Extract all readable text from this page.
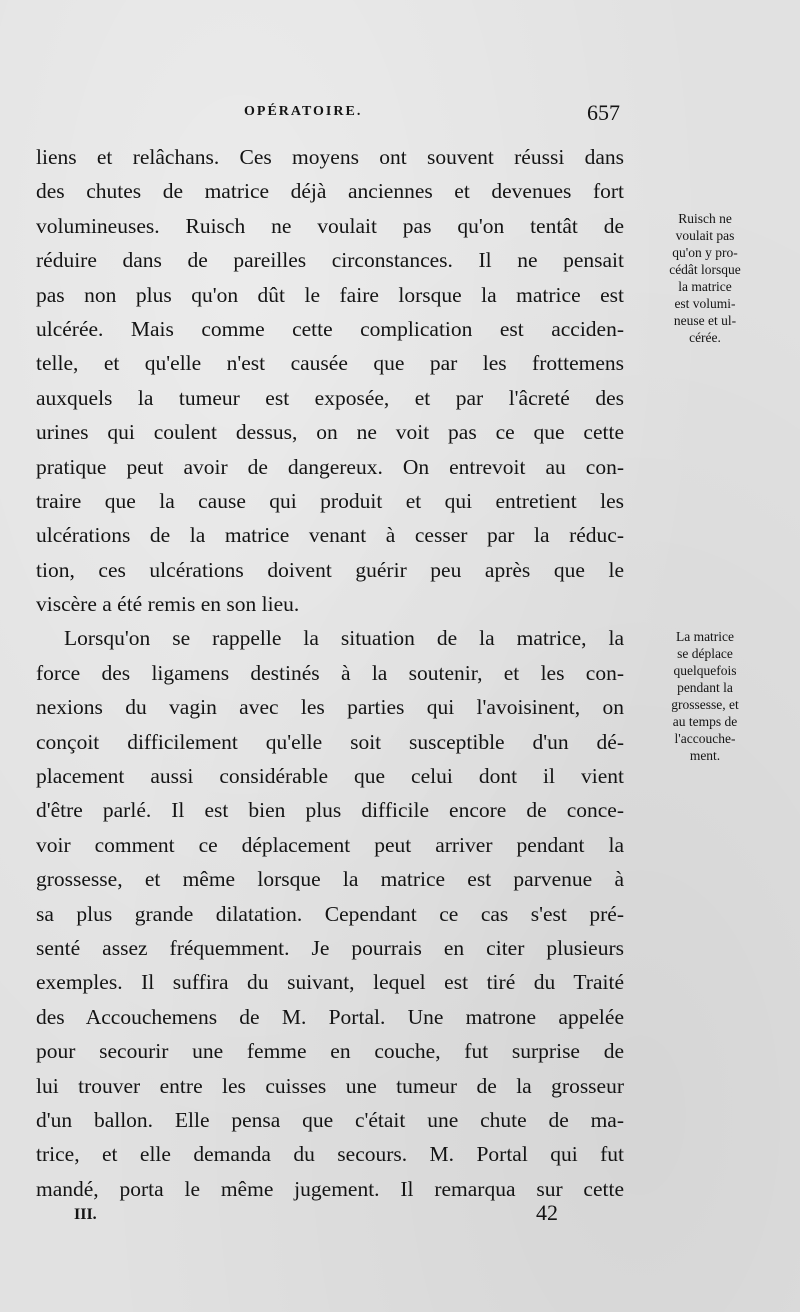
OPÉRATOIRE.	657
liens et relâchans. Ces moyens ont souvent réussi dans
des chutes de matrice déjà anciennes et devenues fort
volumineuses. Ruisch ne voulait pas qu'on tentât de
réduire dans de pareilles circonstances. Il ne pensait
pas non plus qu'on dût le faire lorsque la matrice est
ulcérée. Mais comme cette complication est acciden-
telle, et qu'elle n'est causée que par les frottemens
auxquels la tumeur est exposée, et par l'âcreté des
urines qui coulent dessus, on ne voit pas ce que cette
pratique peut avoir de dangereux. On entrevoit au con-
traire que la cause qui produit et qui entretient les
ulcérations de la matrice venant à cesser par la réduc-
tion, ces ulcérations doivent guérir peu après que le
viscère a été remis en son lieu.
Lorsqu'on se rappelle la situation de la matrice, la
force des ligamens destinés à la soutenir, et les con-
nexions du vagin avec les parties qui l'avoisinent, on
conçoit difficilement qu'elle soit susceptible d'un dé-
placement aussi considérable que celui dont il vient
d'être parlé. Il est bien plus difficile encore de conce-
voir comment ce déplacement peut arriver pendant la
grossesse, et même lorsque la matrice est parvenue à
sa plus grande dilatation. Cependant ce cas s'est pré-
senté assez fréquemment. Je pourrais en citer plusieurs
exemples. Il suffira du suivant, lequel est tiré du Traité
des Accouchemens de M. Portal. Une matrone appelée
pour secourir une femme en couche, fut surprise de
lui trouver entre les cuisses une tumeur de la grosseur
d'un ballon. Elle pensa que c'était une chute de ma-
trice, et elle demanda du secours. M. Portal qui fut
mandé, porta le même jugement. Il remarqua sur cette
Ruisch ne
voulait pas
qu'on y pro-
cédât lorsque
la matrice
est volumi-
neuse et ul-
cérée.
La matrice
se déplace
quelquefois
pendant la
grossesse, et
au temps de
l'accouche-
ment.
III.	42
